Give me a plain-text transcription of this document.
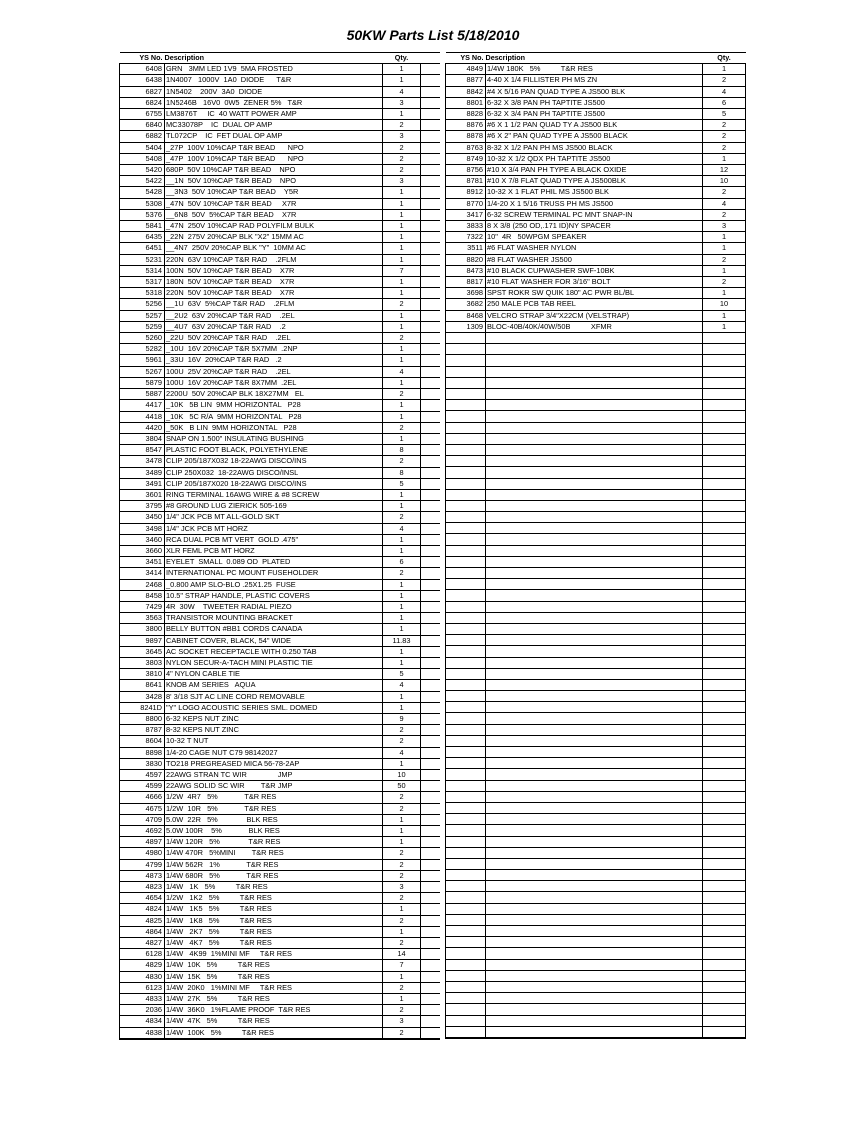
50KW Parts List 5/18/2010
YS No.	Description	Qty.	
6408	GRN   3MM LED 1V9  5MA FROSTED	1	
6438	1N4007   1000V  1A0  DIODE      T&R	1	
6827	1N5402    200V  3A0  DIODE	4	
6824	1N5246B   16V0  0W5  ZENER 5%   T&R	3	
6755	LM3876T     IC  40 WATT POWER AMP	1	
6840	MC33078P    IC  DUAL OP AMP	2	
6882	TL072CP    IC  FET DUAL OP AMP	3	
5404	_27P  100V 10%CAP T&R BEAD      NPO	2	
5408	_47P  100V 10%CAP T&R BEAD      NPO	2	
5420	680P  50V 10%CAP T&R BEAD    NPO	2	
5422	__1N  50V 10%CAP T&R BEAD    NPO	3	
5428	__3N3  50V 10%CAP T&R BEAD    Y5R	1	
5308	_47N  50V 10%CAP T&R BEAD     X7R	1	
5376	__6N8  50V  5%CAP T&R BEAD    X7R	1	
5841	_47N  250V 10%CAP RAD POLYFILM BULK	1	
6435	_22N  275V 20%CAP BLK "X2" 15MM AC	1	
6451	__4N7  250V 20%CAP BLK "Y"  10MM AC	1	
5231	220N  63V 10%CAP T&R RAD    .2FLM	1	
5314	100N  50V 10%CAP T&R BEAD    X7R	7	
5317	180N  50V 10%CAP T&R BEAD    X7R	1	
5318	220N  50V 10%CAP T&R BEAD    X7R	1	
5256	__1U  63V  5%CAP T&R RAD    .2FLM	2	
5257	__2U2  63V 20%CAP T&R RAD    .2EL	1	
5259	__4U7  63V 20%CAP T&R RAD    .2	1	
5260	_22U  50V 20%CAP T&R RAD    .2EL	2	
5282	_10U  16V 20%CAP T&R 5X7MM  .2NP	1	
5961	_33U  16V  20%CAP T&R RAD   .2	1	
5267	100U  25V 20%CAP T&R RAD    .2EL	4	
5879	100U  16V 20%CAP T&R 8X7MM  .2EL	1	
5887	2200U  50V 20%CAP BLK 18X27MM   EL	2	
4417	_10K   5B LIN  9MM HORIZONTAL   P28	1	
4418	_10K   5C R/A  9MM HORIZONTAL   P28	1	
4420	_50K   B LIN  9MM HORIZONTAL   P28	2	
3804	SNAP ON 1.500" INSULATING BUSHING	1	
8547	PLASTIC FOOT BLACK, POLYETHYLENE	8	
3478	CLIP 205/187X032 18-22AWG DISCO/INS	2	
3489	CLIP 250X032  18-22AWG DISCO/INSL	8	
3491	CLIP 205/187X020 18-22AWG DISCO/INS	5	
3601	RING TERMINAL 16AWG WIRE & #8 SCREW	1	
3795	#8 GROUND LUG ZIERICK 505-169	1	
3450	1/4" JCK PCB MT ALL-GOLD SKT	2	
3498	1/4" JCK PCB MT HORZ	4	
3460	RCA DUAL PCB MT VERT  GOLD .475"	1	
3660	XLR FEML PCB MT HORZ	1	
3451	EYELET  SMALL  0.089 OD  PLATED	6	
3414	INTERNATIONAL PC MOUNT FUSEHOLDER	2	
2468	_0.800 AMP SLO-BLO .25X1.25  FUSE	1	
8458	10.5" STRAP HANDLE, PLASTIC COVERS	1	
7429	4R  30W    TWEETER RADIAL PIEZO	1	
3563	TRANSISTOR MOUNTING BRACKET	1	
3800	BELLY BUTTON #BB1 CORDS CANADA	1	
9897	CABINET COVER, BLACK, 54" WIDE	11.83	
3645	AC SOCKET RECEPTACLE WITH 0.250 TAB	1	
3803	NYLON SECUR-A-TACH MINI PLASTIC TIE	1	
3810	4" NYLON CABLE TIE	5	
8641	KNOB AM SERIES   AQUA	4	
3428	8' 3/18 SJT AC LINE CORD REMOVABLE	1	
8241D	"Y" LOGO ACOUSTIC SERIES SML. DOMED	1	
8800	6-32 KEPS NUT ZINC	9	
8787	8-32 KEPS NUT ZINC	2	
8604	10-32 T NUT	2	
8898	1/4-20 CAGE NUT C79 98142027	4	
3830	TO218 PREGREASED MICA 56-78-2AP	1	
4597	22AWG STRAN TC WIR               JMP	10	
4599	22AWG SOLID SC WIR        T&R JMP	50	
4666	1/2W  4R7   5%             T&R RES	2	
4675	1/2W  10R   5%             T&R RES	2	
4709	5.0W  22R   5%              BLK RES	1	
4692	5.0W 100R    5%             BLK RES	1	
4897	1/4W 120R   5%              T&R RES	1	
4980	1/4W 470R   5%MINI        T&R RES	2	
4799	1/4W 562R   1%             T&R RES	2	
4873	1/4W 680R   5%             T&R RES	2	
4823	1/4W   1K   5%          T&R RES	3	
4654	1/2W   1K2   5%          T&R RES	2	
4824	1/4W   1K5   5%          T&R RES	1	
4825	1/4W   1K8   5%          T&R RES	2	
4864	1/4W   2K7   5%          T&R RES	1	
4827	1/4W   4K7   5%          T&R RES	2	
6128	1/4W   4K99  1%MINI MF     T&R RES	14	
4829	1/4W  10K   5%          T&R RES	7	
4830	1/4W  15K   5%          T&R RES	1	
6123	1/4W  20K0   1%MINI MF     T&R RES	2	
4833	1/4W  27K   5%          T&R RES	1	
2036	1/4W  36K0   1%FLAME PROOF  T&R RES	2	
4834	1/4W  47K   5%          T&R RES	3	
4838	1/4W  100K   5%          T&R RES	2	
YS No.	Description	Qty.
4849	1/4W 180K   5%          T&R RES	1
8877	4-40 X 1/4 FILLISTER PH MS ZN	2
8842	#4 X 5/16 PAN QUAD TYPE A JS500 BLK	4
8801	6-32 X 3/8 PAN PH TAPTITE JS500	6
8828	6-32 X 3/4 PAN PH TAPTITE JS500	5
8876	#6 X 1 1/2 PAN QUAD TY A JS500 BLK	2
8878	#6 X 2" PAN QUAD TYPE A JS500 BLACK	2
8763	8-32 X 1/2 PAN PH MS JS500 BLACK	2
8749	10-32 X 1/2 QDX PH TAPTITE JS500	1
8756	#10 X 3/4 PAN PH TYPE A BLACK OXIDE	12
8781	#10 X 7/8 FLAT QUAD TYPE A JS500BLK	10
8912	10-32 X 1 FLAT PHIL MS JS500 BLK	2
8770	1/4-20 X 1 5/16 TRUSS PH MS JS500	4
3417	6-32 SCREW TERMINAL PC MNT SNAP-IN	2
3833	8 X 3/8 (250 OD,.171 ID)NY SPACER	3
7322	10"  4R   50WPGM SPEAKER	1
3511	#6 FLAT WASHER NYLON	1
8820	#8 FLAT WASHER JS500	2
8473	#10 BLACK CUPWASHER SWF-10BK	1
8817	#10 FLAT WASHER FOR 3/16" BOLT	2
3698	SPST ROKR SW QUIK 180" AC PWR BL/BL	1
3682	250 MALE PCB TAB REEL	10
8468	VELCRO STRAP 3/4"X22CM (VELSTRAP)	1
1309	BLOC-40B/40K/40W/50B          XFMR	1
